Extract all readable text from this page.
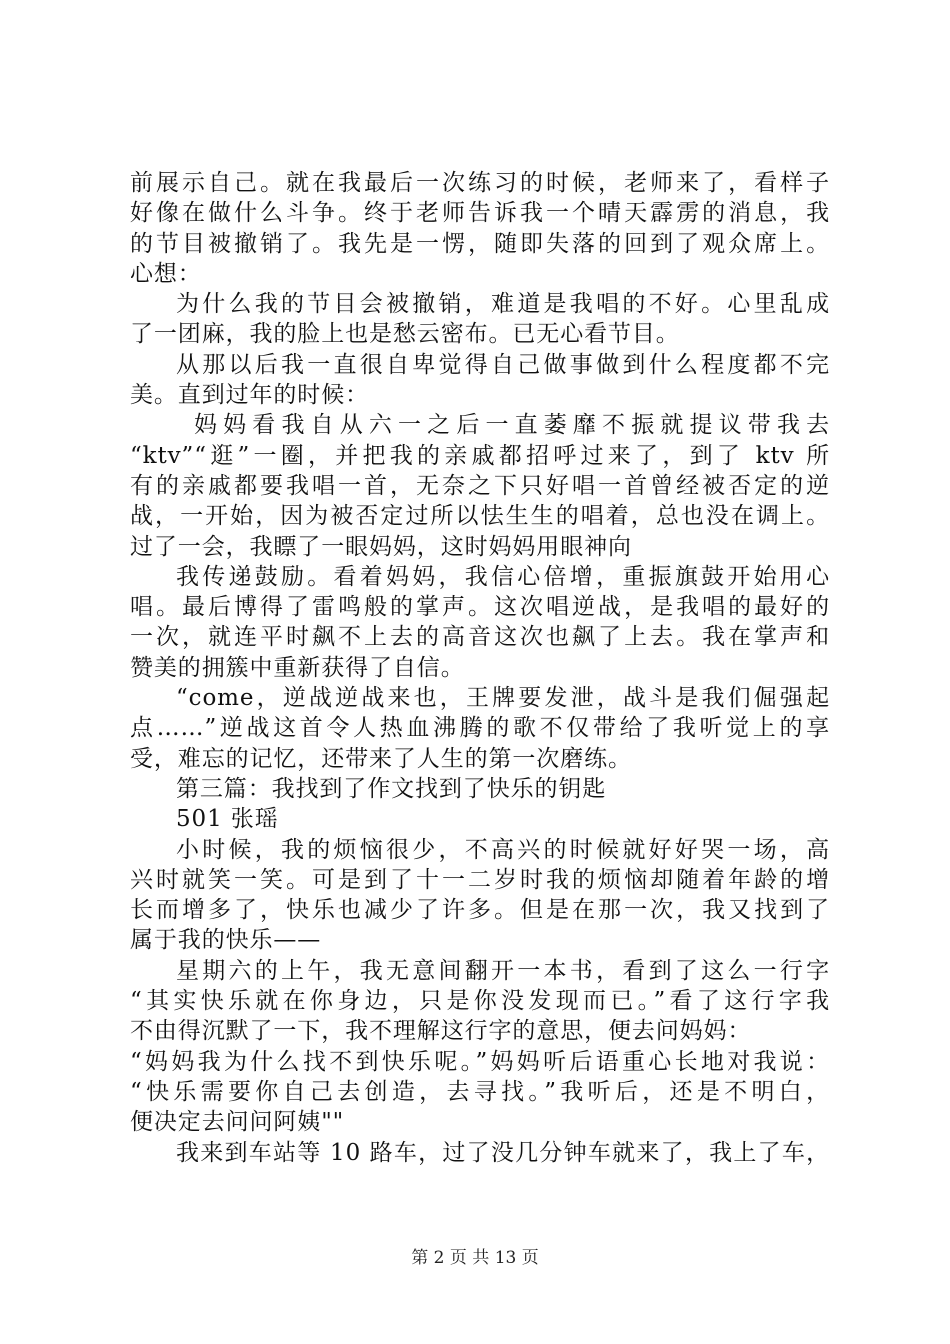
前展示自己。就在我最后一次练习的时候，老师来了，看样子
好像在做什么斗争。终于老师告诉我一个晴天霹雳的消息，我
的节目被撤销了。我先是一愣，随即失落的回到了观众席上。
心想：
为什么我的节目会被撤销，难道是我唱的不好。心里乱成
了一团麻，我的脸上也是愁云密布。已无心看节目。
从那以后我一直很自卑觉得自己做事做到什么程度都不完
美。直到过年的时候：
妈妈看我自从六一之后一直萎靡不振就提议带我去
“ktv”“逛”一圈，并把我的亲戚都招呼过来了，到了 ktv 所
有的亲戚都要我唱一首，无奈之下只好唱一首曾经被否定的逆
战，一开始，因为被否定过所以怯生生的唱着，总也没在调上。
过了一会，我瞟了一眼妈妈，这时妈妈用眼神向
我传递鼓励。看着妈妈，我信心倍增，重振旗鼓开始用心
唱。最后博得了雷鸣般的掌声。这次唱逆战，是我唱的最好的
一次，就连平时飙不上去的高音这次也飙了上去。我在掌声和
赞美的拥簇中重新获得了自信。
“come，逆战逆战来也，王牌要发泄，战斗是我们倔强起
点……”逆战这首令人热血沸腾的歌不仅带给了我听觉上的享
受，难忘的记忆，还带来了人生的第一次磨练。
第三篇：我找到了作文找到了快乐的钥匙
501 张瑶
小时候，我的烦恼很少，不高兴的时候就好好哭一场，高
兴时就笑一笑。可是到了十一二岁时我的烦恼却随着年龄的增
长而增多了，快乐也减少了许多。但是在那一次，我又找到了
属于我的快乐——
星期六的上午，我无意间翻开一本书，看到了这么一行字
“其实快乐就在你身边，只是你没发现而已。”看了这行字我
不由得沉默了一下，我不理解这行字的意思，便去问妈妈：
“妈妈我为什么找不到快乐呢。”妈妈听后语重心长地对我说：
“快乐需要你自己去创造，去寻找。”我听后，还是不明白，
便决定去问问阿姨""
我来到车站等 10 路车，过了没几分钟车就来了，我上了车，
第 2 页 共 13 页
